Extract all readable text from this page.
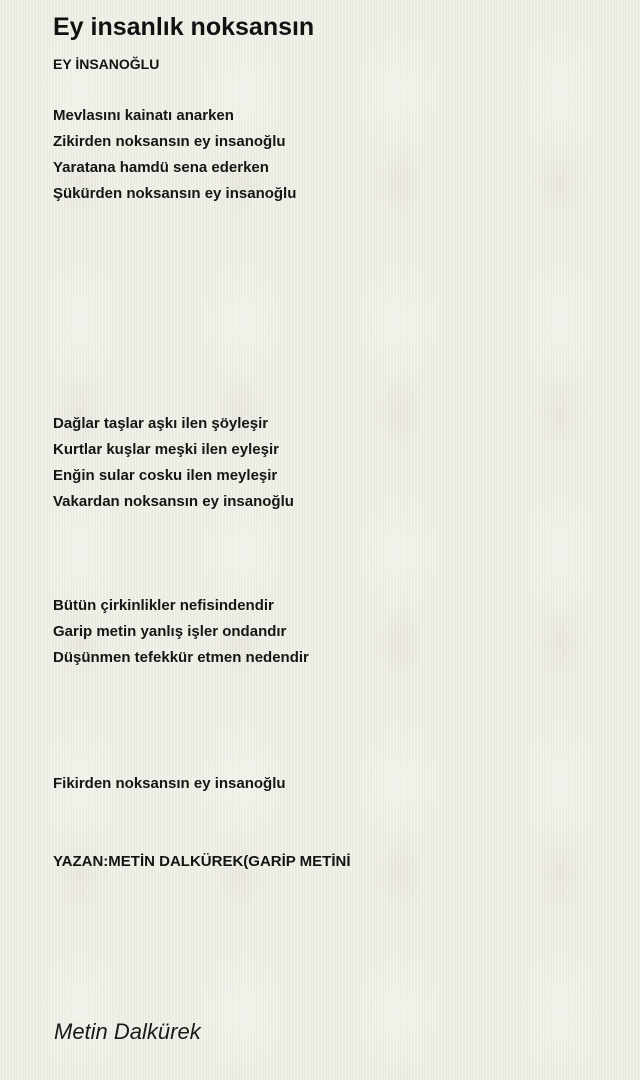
Ey insanlık noksansın
EY İNSANOĞLU
Mevlasını kainatı anarken
Zikirden noksansın ey insanoğlu
Yaratana hamdü sena ederken
Şükürden noksansın ey insanoğlu
Dağlar taşlar aşkı ilen şöyleşir
Kurtlar kuşlar meşki ilen eyleşir
Enğin sular cosku ilen meyleşir
Vakardan noksansın ey insanoğlu
Bütün çirkinlikler nefisindendir
Garip metin yanlış işler ondandır
Düşünmen tefekkür etmen nedendir
Fikirden noksansın ey insanoğlu
YAZAN:METİN DALKÜREK(GARİP METİNİ
Metin Dalkürek
